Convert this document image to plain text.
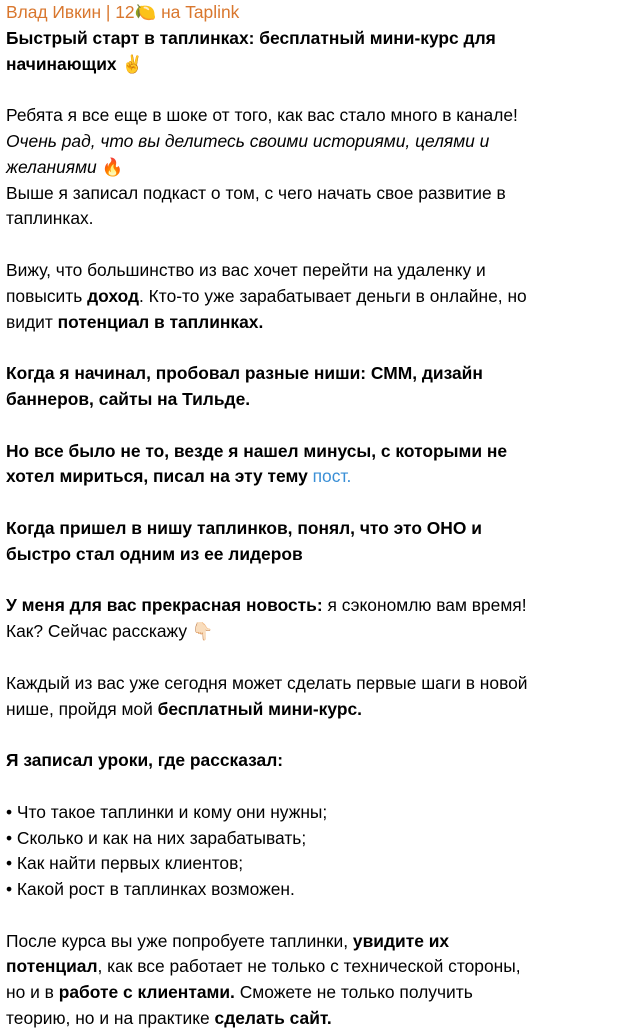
Влад Ивкин | 12🍋 на Taplink
Быстрый старт в таплинках: бесплатный мини-курс для
начинающих ✌️
Ребята я все еще в шоке от того, как вас стало много в канале!
Очень рад, что вы делитесь своими историями, целями и
желаниями 🔥
Выше я записал подкаст о том, с чего начать свое развитие в
таплинках.
Вижу, что большинство из вас хочет перейти на удаленку и
повысить доход. Кто-то уже зарабатывает деньги в онлайне, но
видит потенциал в таплинках.
Когда я начинал, пробовал разные ниши: СММ, дизайн
баннеров, сайты на Тильде.
Но все было не то, везде я нашел минусы, с которыми не
хотел мириться, писал на эту тему пост.
Когда пришел в нишу таплинков, понял, что это ОНО и
быстро стал одним из ее лидеров
У меня для вас прекрасная новость: я сэкономлю вам время!
Как? Сейчас расскажу 👇🏻
Каждый из вас уже сегодня может сделать первые шаги в новой
нише, пройдя мой бесплатный мини-курс.
Я записал уроки, где рассказал:
• Что такое таплинки и кому они нужны;
• Сколько и как на них зарабатывать;
• Как найти первых клиентов;
• Какой рост в таплинках возможен.
После курса вы уже попробуете таплинки, увидите их
потенциал, как все работает не только с технической стороны,
но и в работе с клиентами. Сможете не только получить
теорию, но и на практике сделать сайт.
